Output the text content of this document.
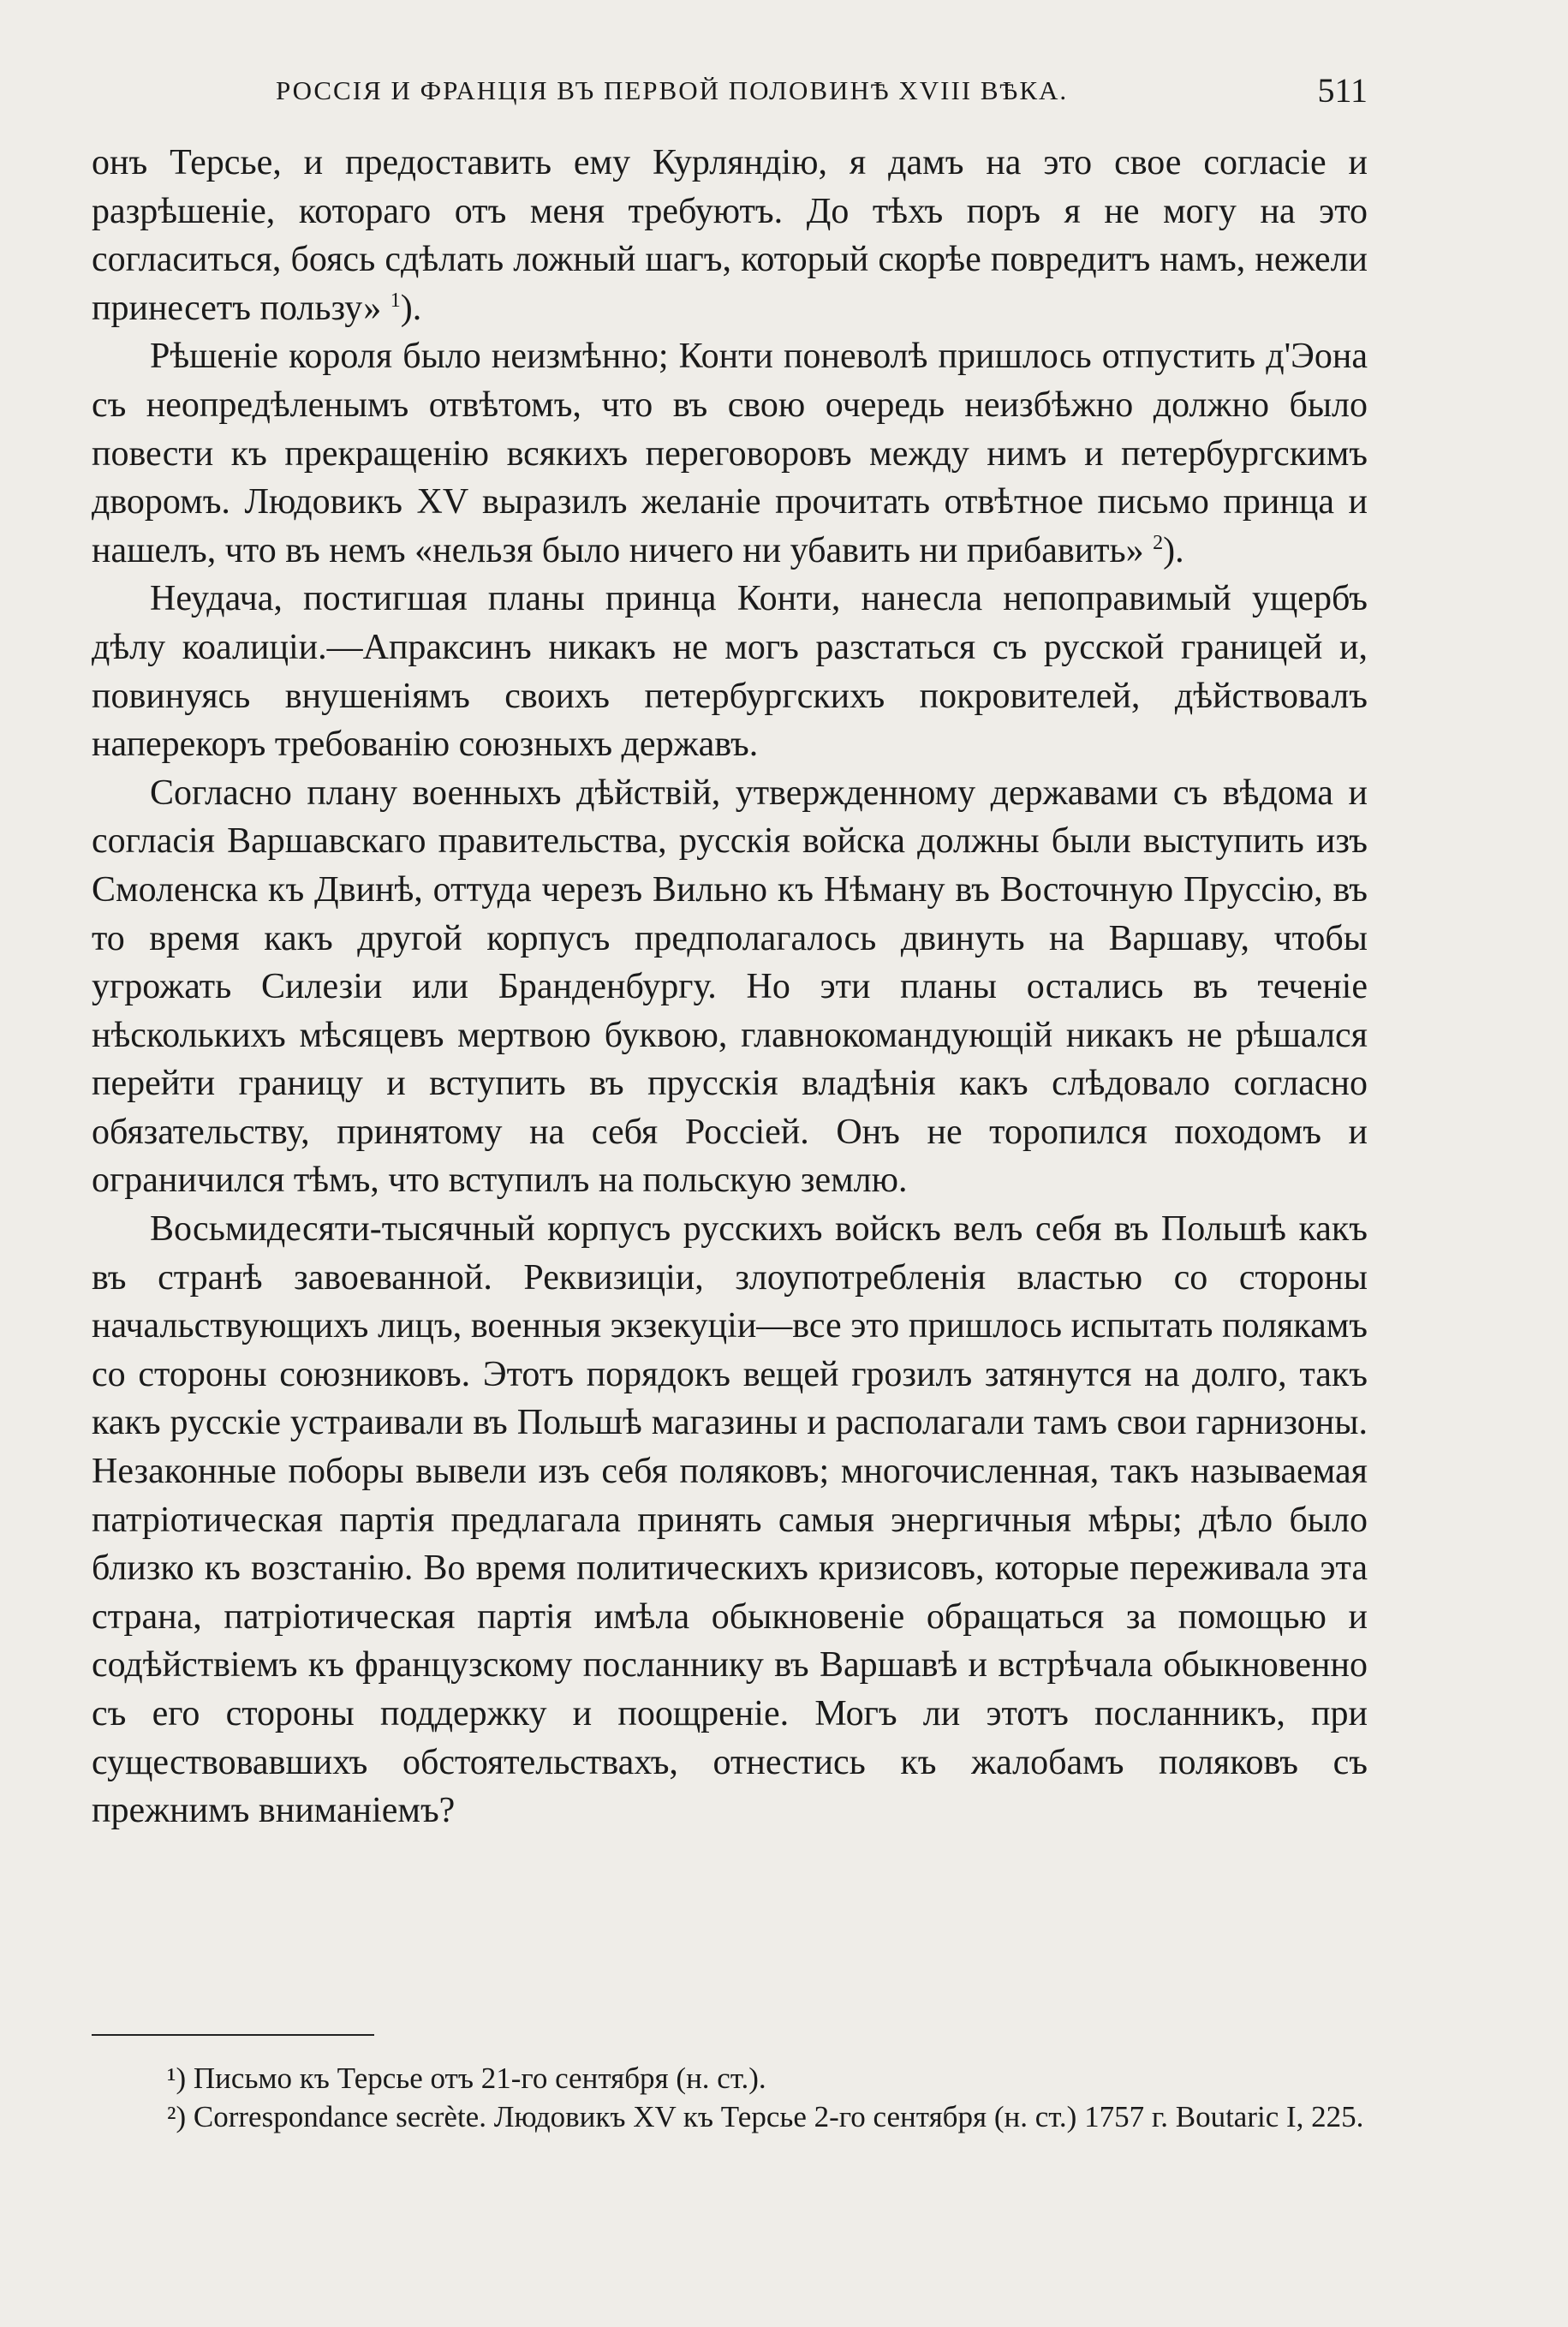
РОССІЯ И ФРАНЦІЯ ВЪ ПЕРВОЙ ПОЛОВИНѢ XVIII ВѢКА.	511

онъ Терсье, и предоставить ему Курляндію, я дамъ на это свое согласіе и разрѣшеніе, котораго отъ меня требуютъ. До тѣхъ поръ я не могу на это согласиться, боясь сдѣлать ложный шагъ, который скорѣе повредитъ намъ, нежели принесетъ пользу» $^1$).

Рѣшеніе короля было неизмѣнно; Конти поневолѣ пришлось отпустить д'Эона съ неопредѣленымъ отвѣтомъ, что въ свою очередь неизбѣжно должно было повести къ прекращенію всякихъ переговоровъ между нимъ и петербургскимъ дворомъ. Людовикъ XV выразилъ желаніе прочитать отвѣтное письмо принца и нашелъ, что въ немъ «нельзя было ничего ни убавить ни прибавить» $^2$).

Неудача, постигшая планы принца Конти, нанесла непоправимый ущербъ дѣлу коалиціи.—Апраксинъ никакъ не могъ разстаться съ русской границей и, повинуясь внушеніямъ своихъ петербургскихъ покровителей, дѣйствовалъ наперекоръ требованію союзныхъ державъ.

Согласно плану военныхъ дѣйствій, утвержденному державами съ вѣдома и согласія Варшавскаго правительства, русскія войска должны были выступить изъ Смоленска къ Двинѣ, оттуда черезъ Вильно къ Нѣману въ Восточную Пруссію, въ то время какъ другой корпусъ предполагалось двинуть на Варшаву, чтобы угрожать Силезіи или Бранденбургу. Но эти планы остались въ теченіе нѣсколькихъ мѣсяцевъ мертвою буквою, главнокомандующій никакъ не рѣшался перейти границу и вступить въ прусскія владѣнія какъ слѣдовало согласно обязательству, принятому на себя Россіей. Онъ не торопился походомъ и ограничился тѣмъ, что вступилъ на польскую землю.

Восьмидесяти-тысячный корпусъ русскихъ войскъ велъ себя въ Польшѣ какъ въ странѣ завоеванной. Реквизиціи, злоупотребленія властью со стороны начальствующихъ лицъ, военныя экзекуціи—все это пришлось испытать полякамъ со стороны союзниковъ. Этотъ порядокъ вещей грозилъ затянутся на долго, такъ какъ русскіе устраивали въ Польшѣ магазины и располагали тамъ свои гарнизоны. Незаконные поборы вывели изъ себя поляковъ; многочисленная, такъ называемая патріотическая партія предлагала принять самыя энергичныя мѣры; дѣло было близко къ возстанію. Во время политическихъ кризисовъ, которые переживала эта страна, патріотическая партія имѣла обыкновеніе обращаться за помощью и содѣйствіемъ къ французскому посланнику въ Варшавѣ и встрѣчала обыкновенно съ его стороны поддержку и поощреніе. Могъ ли этотъ посланникъ, при существовавшихъ обстоятельствахъ, отнестись къ жалобамъ поляковъ съ прежнимъ вниманіемъ?

¹) Письмо къ Терсье отъ 21-го сентября (н. ст.).

²) Correspondance secrète. Людовикъ XV къ Терсье 2-го сентября (н. ст.) 1757 г. Boutaric I, 225.
